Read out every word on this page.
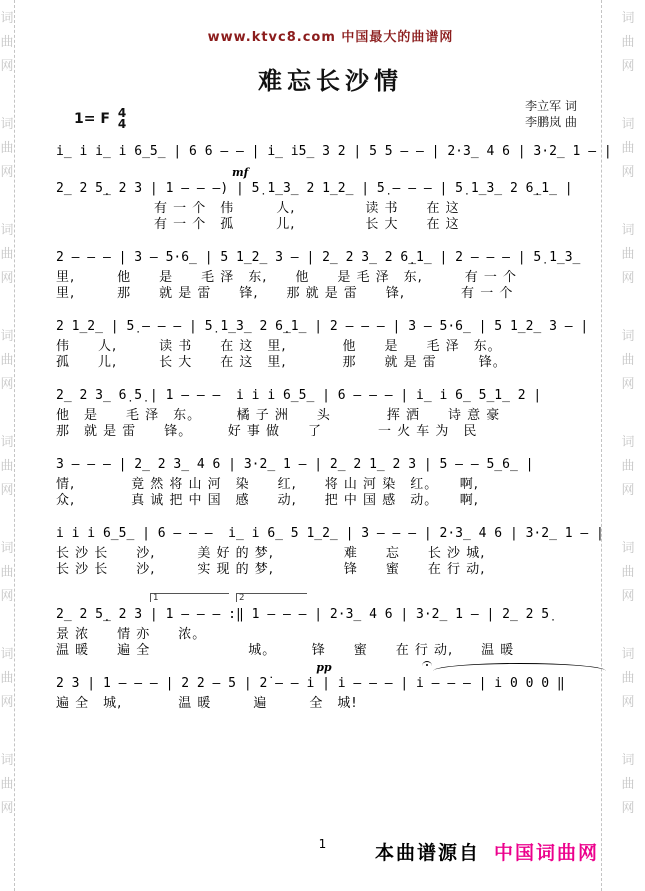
词
曲
网
词
曲
网
词
曲
网
词
曲
网
词
曲
网
词
曲
网
词
曲
网
词
曲
网
词
曲
网
词
曲
网
词
曲
网
词
曲
网
词
曲
网
词
曲
网
词
曲
网
词
曲
网
www.ktvc8.com 中国最大的曲谱网
难忘长沙情
1= F 4
4
李立军 词
李鹏岚 曲
i̲ i i̲ i 6̲5̲ | 6 6 — — | i̲ i5̲ 3 2 | 5 5 — — | 2·3̲ 4 6 | 3·2̲ 1 — |
mf
2̲ 2 5̣̲ 2 3 | 1 — — —) | 5̣ 1̲3̲ 2 1̲2̲ | 5̣ — — — | 5̣ 1̲3̲ 2 6̣̲1̲ |
　　　　　　　有 一 个　伟　　　人,　　　　　读 书　　在 这
　　　　　　　有 一 个　孤　　　儿,　　　　　长 大　　在 这
2 — — — | 3 — 5·6̲ | 5 1̲2̲ 3 — | 2̲ 2 3̲ 2 6̣̲1̲ | 2 — — — | 5̣ 1̲3̲
里,　　　他　　是　　毛 泽　东,　　他　　是 毛 泽　东,　　　有 一 个
里,　　　那　　就 是 雷　　锋,　　那 就 是 雷　　锋,　　　　有 一 个
2 1̲2̲ | 5̣ — — — | 5̣ 1̲3̲ 2 6̣̲1̲ | 2 — — — | 3 — 5·6̲ | 5 1̲2̲ 3 — |
伟　　人,　　　读 书　　在 这　里,　　　　他　　是　　毛 泽　东。
孤　　儿,　　　长 大　　在 这　里,　　　　那　　就 是 雷　　　锋。
2̲ 2 3̲ 6̣ 5̣ | 1 — — —  i i i 6̲5̲ | 6 — — — | i̲ i 6̲ 5̲1̲ 2 |
他　是　　毛 泽　东。　　　橘 子 洲　　头　　　　挥 洒　　诗 意 豪
那　就 是 雷　　锋。　　　好 事 做　　了　　　　一 火 车 为　民
3 — — — | 2̲ 2 3̲ 4 6 | 3·2̲ 1 — | 2̲ 2 1̲ 2 3 | 5 — — 5̲6̲ |
情,　　　　竟 然 将 山 河　染　　红,　　将 山 河 染　红。　　啊,
众,　　　　真 诚 把 中 国　感　　动,　　把 中 国 感　动。　　啊,
i i i 6̲5̲ | 6 — — —  i̲ i 6̲ 5 1̲2̲ | 3 — — — | 2·3̲ 4 6 | 3·2̲ 1 — |
长 沙 长　　沙,　　　美 好 的 梦,　　　　　难　　忘　　长 沙 城,
长 沙 长　　沙,　　　实 现 的 梦,　　　　　锋　　蜜　　在 行 动,
1	2
2̲ 2 5̣̲ 2 3 | 1 — — — :‖ 1 — — — | 2·3̲ 4 6 | 3·2̲ 1 — | 2̲ 2 5̣
景 浓　　情 亦　　浓。
温 暖　　遍 全　　　　　　　城。　　　锋　　蜜　　在 行 动,　　温 暖
pp
2 3 | 1 — — — | 2 2 — 5 | 2̇ — — i | i — — — | i — — — | i 0 0 0 ‖
遍 全　城,　　　　温 暖　　　遍　　　全　城!
1	本曲谱源自 中国词曲网
